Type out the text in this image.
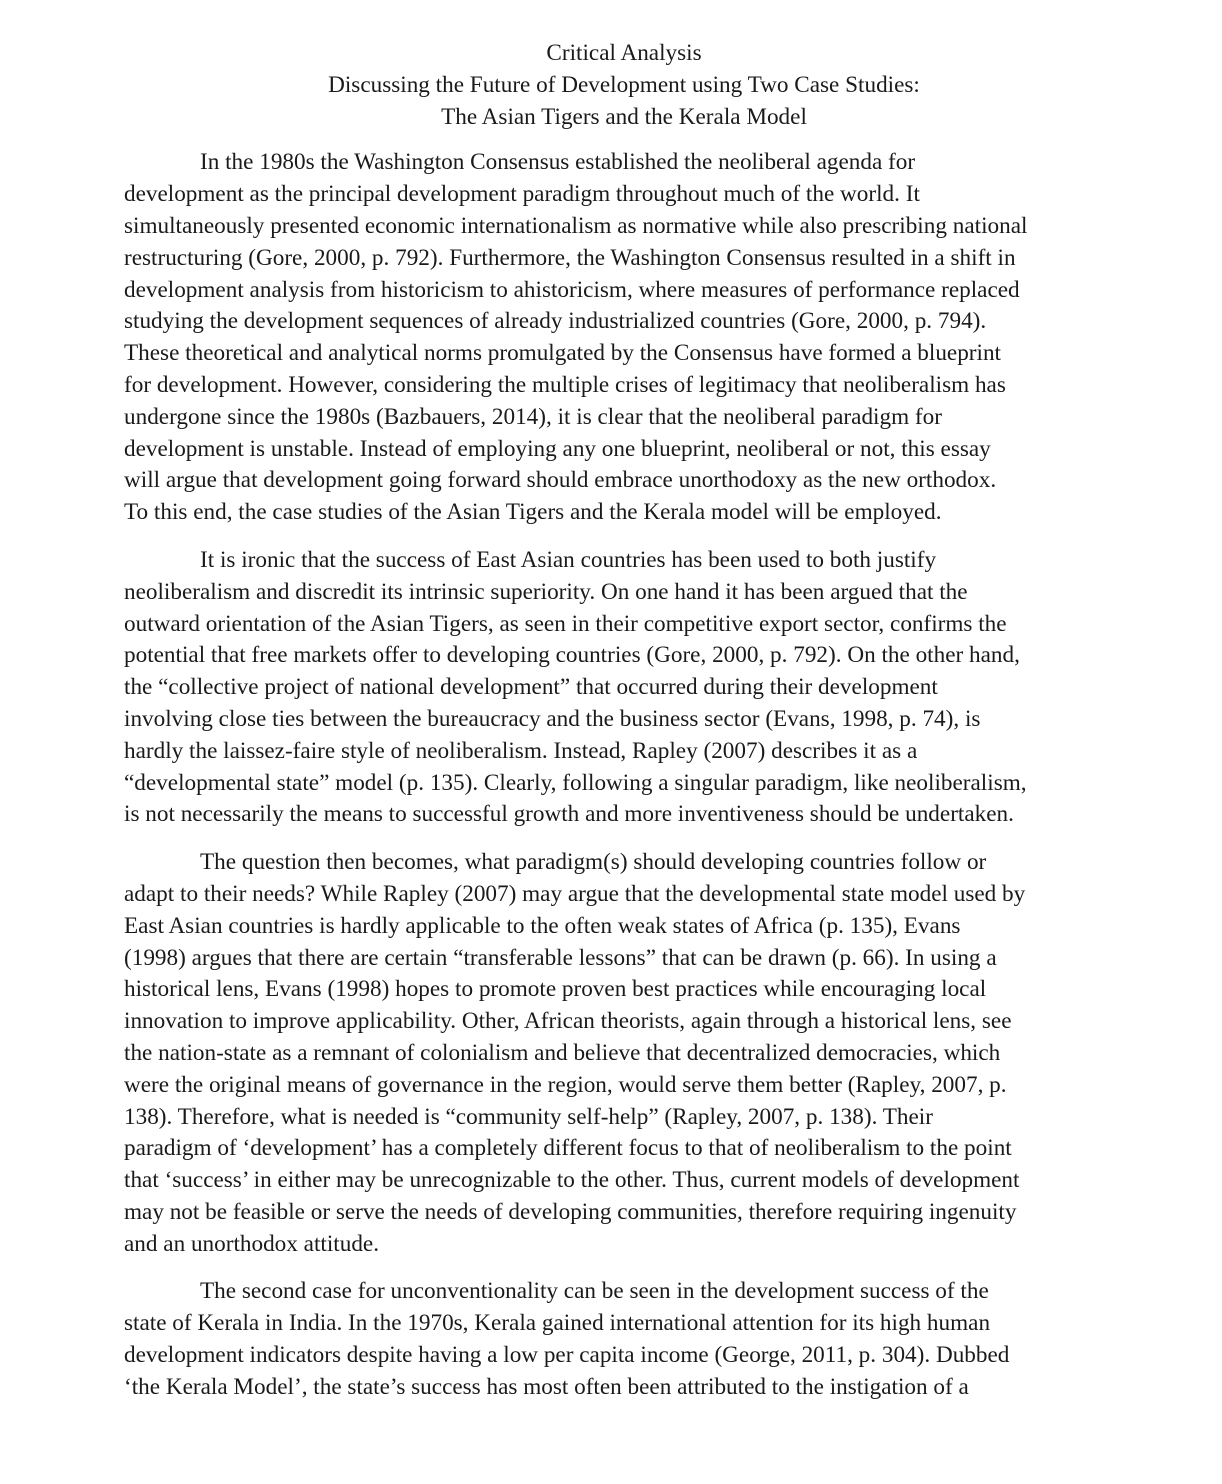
Critical Analysis
Discussing the Future of Development using Two Case Studies:
The Asian Tigers and the Kerala Model
In the 1980s the Washington Consensus established the neoliberal agenda for
development as the principal development paradigm throughout much of the world. It
simultaneously presented economic internationalism as normative while also prescribing national
restructuring (Gore, 2000, p. 792). Furthermore, the Washington Consensus resulted in a shift in
development analysis from historicism to ahistoricism, where measures of performance replaced
studying the development sequences of already industrialized countries (Gore, 2000, p. 794).
These theoretical and analytical norms promulgated by the Consensus have formed a blueprint
for development. However, considering the multiple crises of legitimacy that neoliberalism has
undergone since the 1980s (Bazbauers, 2014), it is clear that the neoliberal paradigm for
development is unstable. Instead of employing any one blueprint, neoliberal or not, this essay
will argue that development going forward should embrace unorthodoxy as the new orthodox.
To this end, the case studies of the Asian Tigers and the Kerala model will be employed.
It is ironic that the success of East Asian countries has been used to both justify
neoliberalism and discredit its intrinsic superiority. On one hand it has been argued that the
outward orientation of the Asian Tigers, as seen in their competitive export sector, confirms the
potential that free markets offer to developing countries (Gore, 2000, p. 792). On the other hand,
the “collective project of national development” that occurred during their development
involving close ties between the bureaucracy and the business sector (Evans, 1998, p. 74), is
hardly the laissez-faire style of neoliberalism. Instead, Rapley (2007) describes it as a
“developmental state” model (p. 135). Clearly, following a singular paradigm, like neoliberalism,
is not necessarily the means to successful growth and more inventiveness should be undertaken.
The question then becomes, what paradigm(s) should developing countries follow or
adapt to their needs? While Rapley (2007) may argue that the developmental state model used by
East Asian countries is hardly applicable to the often weak states of Africa (p. 135), Evans
(1998) argues that there are certain “transferable lessons” that can be drawn (p. 66). In using a
historical lens, Evans (1998) hopes to promote proven best practices while encouraging local
innovation to improve applicability. Other, African theorists, again through a historical lens, see
the nation-state as a remnant of colonialism and believe that decentralized democracies, which
were the original means of governance in the region, would serve them better (Rapley, 2007, p.
138). Therefore, what is needed is “community self-help” (Rapley, 2007, p. 138). Their
paradigm of ‘development’ has a completely different focus to that of neoliberalism to the point
that ‘success’ in either may be unrecognizable to the other. Thus, current models of development
may not be feasible or serve the needs of developing communities, therefore requiring ingenuity
and an unorthodox attitude.
The second case for unconventionality can be seen in the development success of the
state of Kerala in India. In the 1970s, Kerala gained international attention for its high human
development indicators despite having a low per capita income (George, 2011, p. 304). Dubbed
‘the Kerala Model’, the state’s success has most often been attributed to the instigation of a
